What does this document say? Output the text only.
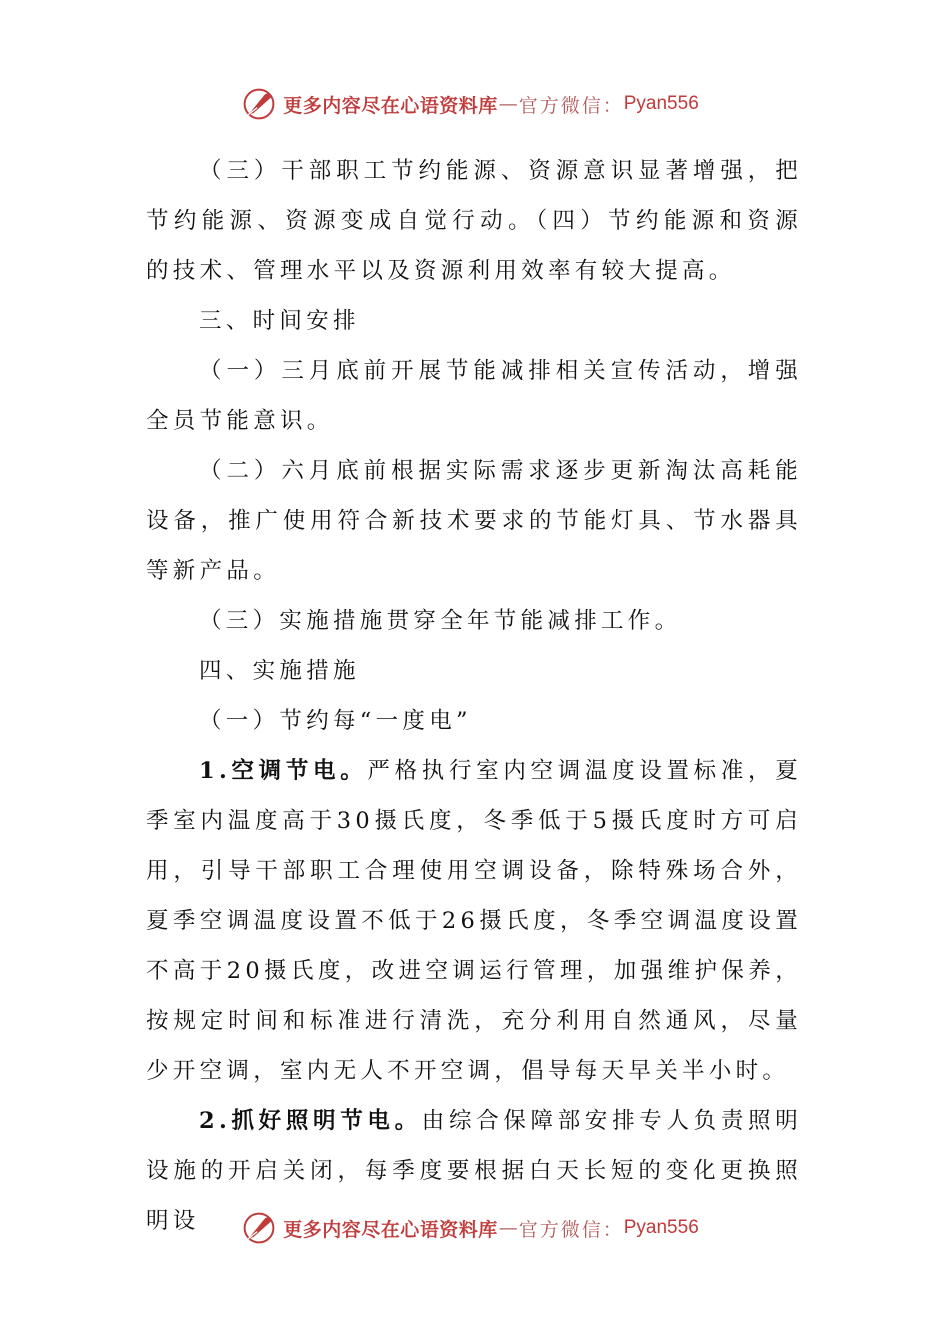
更多内容尽在心语资料库 — 官方微信： Pyan556

（三）干部职工节约能源、资源意识显著增强，把节约能源、资源变成自觉行动。（四）节约能源和资源的技术、管理水平以及资源利用效率有较大提高。

三、时间安排

（一）三月底前开展节能减排相关宣传活动，增强全员节能意识。

（二）六月底前根据实际需求逐步更新淘汰高耗能设备，推广使用符合新技术要求的节能灯具、节水器具等新产品。

（三）实施措施贯穿全年节能减排工作。

四、实施措施

（一）节约每“一度电”

1.空调节电。严格执行室内空调温度设置标准，夏季室内温度高于30摄氏度，冬季低于5摄氏度时方可启用，引导干部职工合理使用空调设备，除特殊场合外，夏季空调温度设置不低于26摄氏度，冬季空调温度设置不高于20摄氏度，改进空调运行管理，加强维护保养，按规定时间和标准进行清洗，充分利用自然通风，尽量少开空调，室内无人不开空调，倡导每天早关半小时。

2.抓好照明节电。由综合保障部安排专人负责照明设施的开启关闭，每季度要根据白天长短的变化更换照明设	更多内容尽在心语资料库 — 官方微信： Pyan556
